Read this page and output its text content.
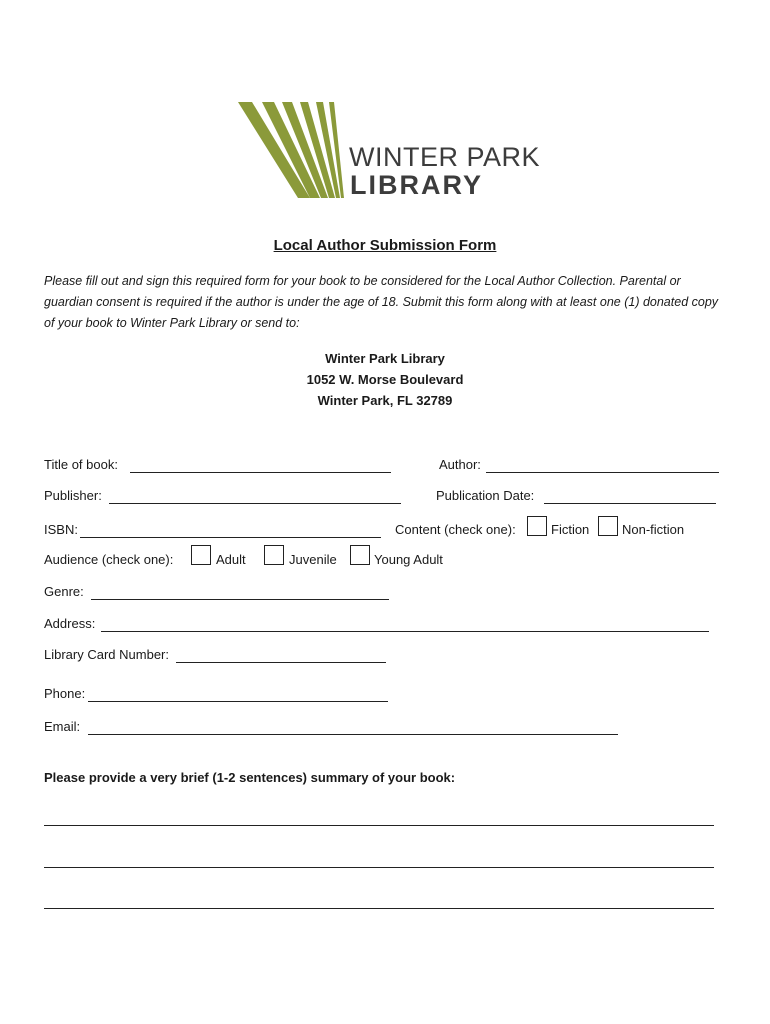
WINTER PARK
LIBRARY
Local Author Submission Form
Please fill out and sign this required form for your book to be considered for the Local Author Collection. Parental or guardian consent is required if the author is under the age of 18. Submit this form along with at least one (1) donated copy of your book to Winter Park Library or send to:
Winter Park Library
1052 W. Morse Boulevard
Winter Park, FL 32789
Title of book:	Author:
Publisher:	Publication Date:
ISBN:	Content (check one):	Fiction	Non-fiction
Audience (check one):	Adult	Juvenile	Young Adult
Genre:
Address:
Library Card Number:
Phone:
Email:
Please provide a very brief (1-2 sentences) summary of your book:
